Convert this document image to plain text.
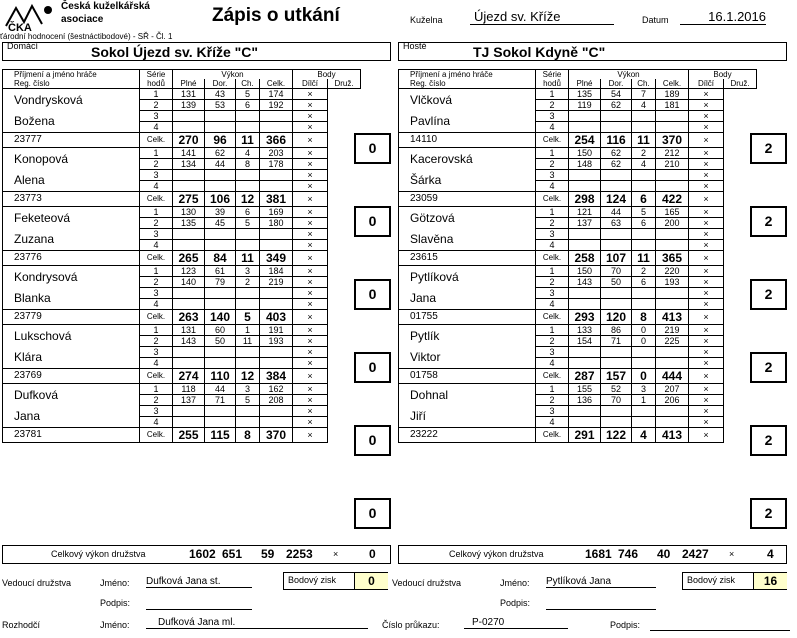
ČKA
Česká kuželkářská
asociace	Zápis o utkání	Kuželna	Újezd sv. Kříže	Datum	16.1.2016
ťárodní hodnocení (šestnáctibodové) - SŘ - Čl. 1
Domácí	Sokol Újezd sv. Kříže "C"	Hosté	TJ Sokol Kdyně "C"
Příjmení a jméno hráče	Série	Výkon				Body	
Reg. číslo	hodů	Plné	Dor.	Ch.	Celk.	Dílčí	Druž.
Vondrysková	1	131	43	5	174	×	
	2	139	53	6	192	×	
Božena	3					×	
	4					×	
23777	Celk.	270	96	11	366	×	
Konopová	1	141	62	4	203	×	
	2	134	44	8	178	×	
Alena	3					×	
	4					×	
23773	Celk.	275	106	12	381	×	
Feketeová	1	130	39	6	169	×	
	2	135	45	5	180	×	
Zuzana	3					×	
	4					×	
23776	Celk.	265	84	11	349	×	
Kondrysová	1	123	61	3	184	×	
	2	140	79	2	219	×	
Blanka	3					×	
	4					×	
23779	Celk.	263	140	5	403	×	
Lukschová	1	131	60	1	191	×	
	2	143	50	11	193	×	
Klára	3					×	
	4					×	
23769	Celk.	274	110	12	384	×	
Dufková	1	118	44	3	162	×	
	2	137	71	5	208	×	
Jana	3					×	
	4					×	
23781	Celk.	255	115	8	370	×	
0
0
0
0
0
0
Příjmení a jméno hráče	Série	Výkon				Body	
Reg. číslo	hodů	Plné	Dor.	Ch.	Celk.	Dílčí	Druž.
Vlčková	1	135	54	7	189	×	
	2	119	62	4	181	×	
Pavlína	3					×	
	4					×	
14110	Celk.	254	116	11	370	×	
Kacerovská	1	150	62	2	212	×	
	2	148	62	4	210	×	
Šárka	3					×	
	4					×	
23059	Celk.	298	124	6	422	×	
Götzová	1	121	44	5	165	×	
	2	137	63	6	200	×	
Slavěna	3					×	
	4					×	
23615	Celk.	258	107	11	365	×	
Pytlíková	1	150	70	2	220	×	
	2	143	50	6	193	×	
Jana	3					×	
	4					×	
01755	Celk.	293	120	8	413	×	
Pytlík	1	133	86	0	219	×	
	2	154	71	0	225	×	
Viktor	3					×	
	4					×	
01758	Celk.	287	157	0	444	×	
Dohnal	1	155	52	3	207	×	
	2	136	70	1	206	×	
Jiří	3					×	
	4					×	
23222	Celk.	291	122	4	413	×	
2
2
2
2
2
2
Celkový výkon družstva	1602 651 59 2253 ×	0	Celkový výkon družstva	1681 746 40 2427 ×	4
Vedoucí družstva	Jméno: Dufková Jana st.	Bodový zisk	0
Podpis:
Vedoucí družstva	Jméno: Pytlíková Jana	Bodový zisk	16
Podpis:
Rozhodčí	Jméno:	Dufková Jana ml.	Číslo průkazu:	P-0270	Podpis:
